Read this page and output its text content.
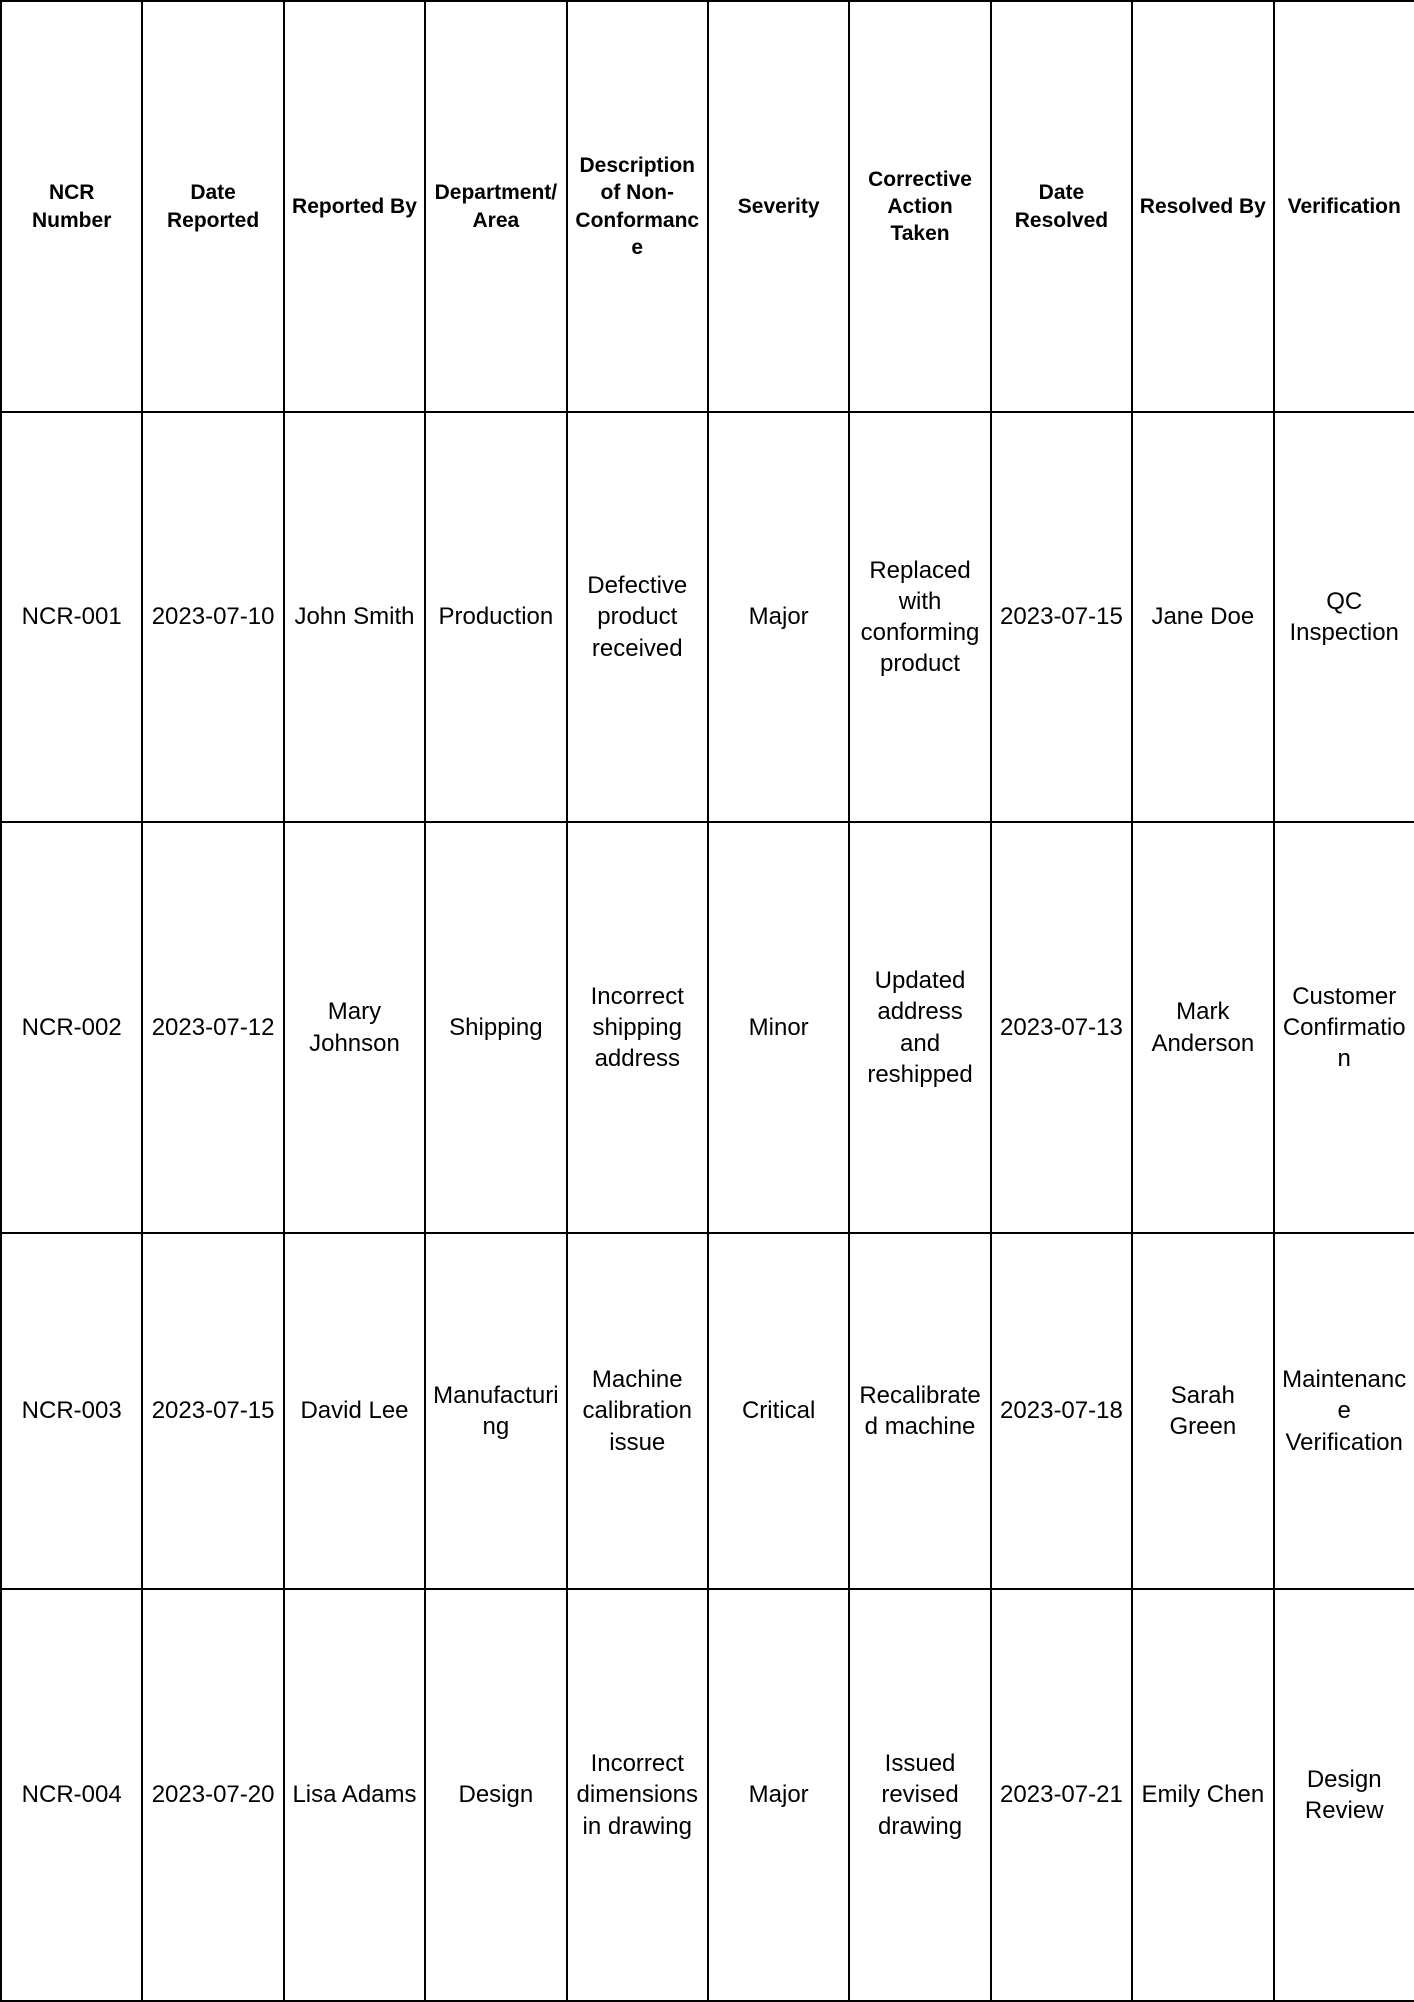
NCR Number	Date Reported	Reported By	Department/ Area	Description of Non-Conformance	Severity	Corrective Action Taken	Date Resolved	Resolved By	Verification
NCR-001	2023-07-10	John Smith	Production	Defective product received	Major	Replaced with conforming product	2023-07-15	Jane Doe	QC Inspection
NCR-002	2023-07-12	Mary Johnson	Shipping	Incorrect shipping address	Minor	Updated address and reshipped	2023-07-13	Mark Anderson	Customer Confirmation
NCR-003	2023-07-15	David Lee	Manufacturing	Machine calibration issue	Critical	Recalibrated machine	2023-07-18	Sarah Green	Maintenance Verification
NCR-004	2023-07-20	Lisa Adams	Design	Incorrect dimensions in drawing	Major	Issued revised drawing	2023-07-21	Emily Chen	Design Review
